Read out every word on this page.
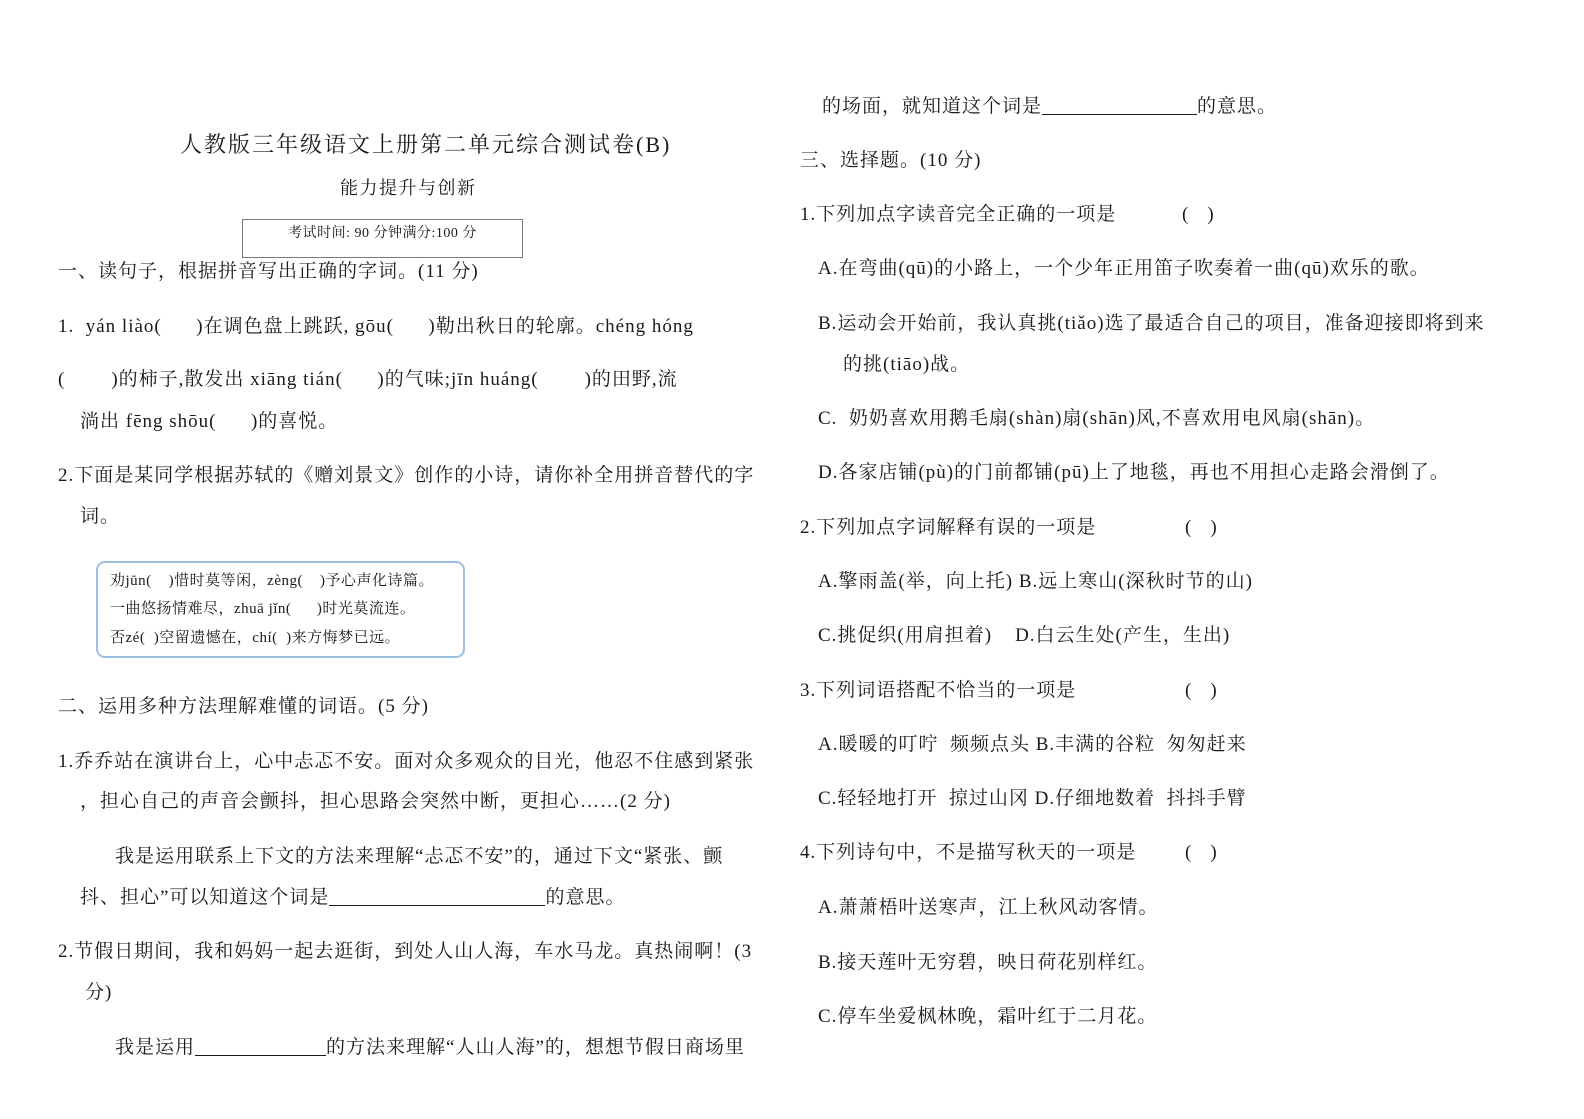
人教版三年级语文上册第二单元综合测试卷(B)
能力提升与创新
考试时间: 90 分钟满分:100 分
一、读句子，根据拼音写出正确的字词。(11 分)
1.  yán liào(      )在调色盘上跳跃, gōu(      )勒出秋日的轮廓。chéng hóng
(        )的柿子,散发出 xiāng tián(      )的气味;jīn huáng(        )的田野,流
淌出 fēng shōu(      )的喜悦。
2.下面是某同学根据苏轼的《赠刘景文》创作的小诗，请你补全用拼音替代的字
词。
劝jūn(    )惜时莫等闲，zèng(    )予心声化诗篇。
一曲悠扬情难尽，zhuā jǐn(      )时光莫流连。
否zé(  )空留遗憾在，chí(  )来方悔梦已远。
二、运用多种方法理解难懂的词语。(5 分)
1.乔乔站在演讲台上，心中忐忑不安。面对众多观众的目光，他忍不住感到紧张
，担心自己的声音会颤抖，担心思路会突然中断，更担心……(2 分)
我是运用联系上下文的方法来理解“忐忑不安”的，通过下文“紧张、颤
抖、担心”可以知道这个词是	的意思。
2.节假日期间，我和妈妈一起去逛街，到处人山人海，车水马龙。真热闹啊！(3
分)
我是运用	的方法来理解“人山人海”的，想想节假日商场里
的场面，就知道这个词是	的意思。
三、选择题。(10 分)
1.下列加点字读音完全正确的一项是	(    )
A.在弯曲(qū)的小路上，一个少年正用笛子吹奏着一曲(qū)欢乐的歌。
B.运动会开始前，我认真挑(tiǎo)选了最适合自己的项目，准备迎接即将到来
的挑(tiāo)战。
C.  奶奶喜欢用鹅毛扇(shàn)扇(shān)风,不喜欢用电风扇(shān)。
D.各家店铺(pù)的门前都铺(pū)上了地毯，再也不用担心走路会滑倒了。
2.下列加点字词解释有误的一项是	(    )
A.擎雨盖(举，向上托) B.远上寒山(深秋时节的山)
C.挑促织(用肩担着)    D.白云生处(产生，生出)
3.下列词语搭配不恰当的一项是	(    )
A.暖暖的叮咛  频频点头 B.丰满的谷粒  匆匆赶来
C.轻轻地打开  掠过山冈 D.仔细地数着  抖抖手臂
4.下列诗句中，不是描写秋天的一项是	(    )
A.萧萧梧叶送寒声，江上秋风动客情。
B.接天莲叶无穷碧，映日荷花别样红。
C.停车坐爱枫林晚，霜叶红于二月花。
